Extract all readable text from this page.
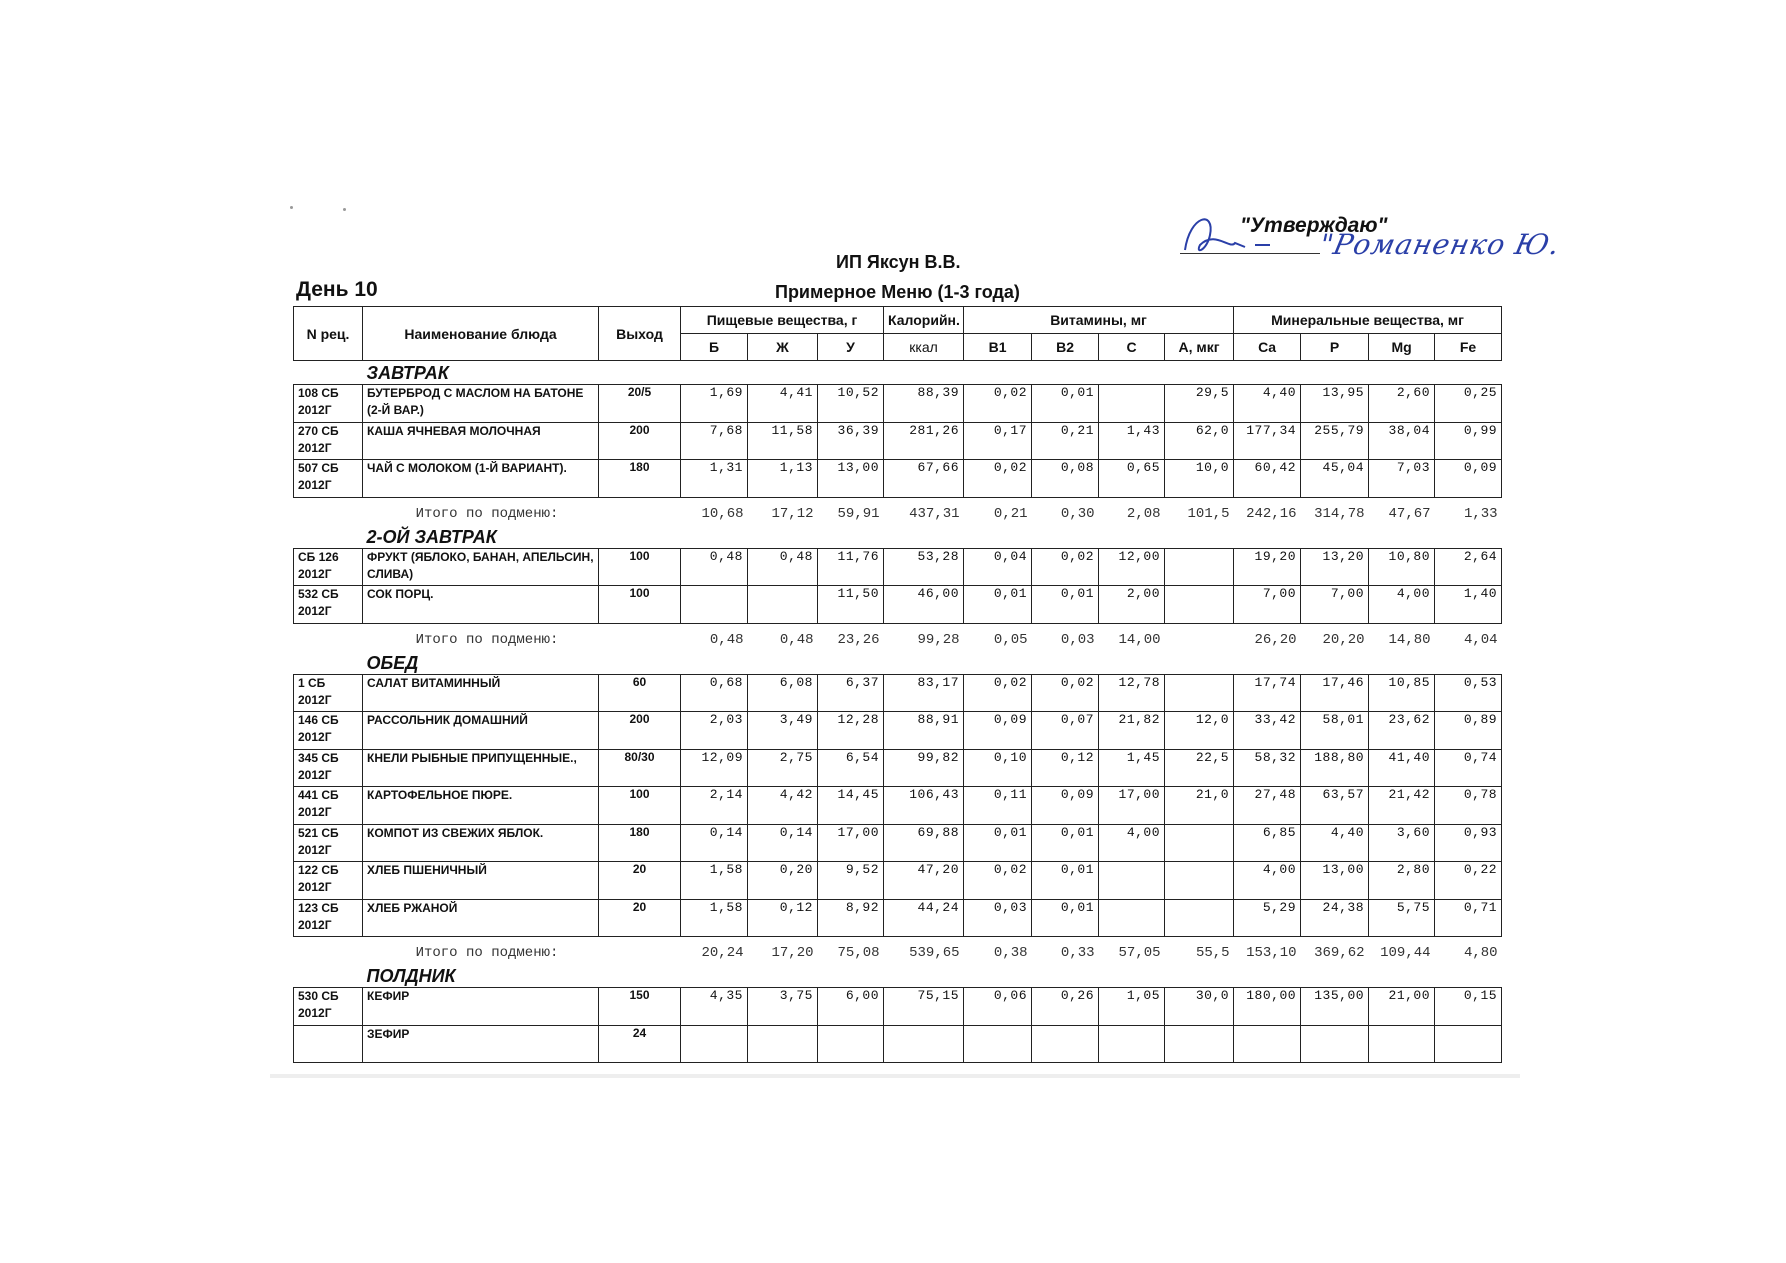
"Утверждаю"
"Романенко Ю.
ИП Яксун В.В.
День 10	Примерное Меню (1-3 года)
N рец.	Наименование блюда	Выход	Пищевые вещества, г			Калорийн.	Витамины, мг				Минеральные вещества, мг			
			Б	Ж	У	ккал	B1	B2	C	A, мкг	Ca	P	Mg	Fe
	ЗАВТРАК													

108 СБ
2012Г	БУТЕРБРОД С МАСЛОМ НА БАТОНЕ (2-Й ВАР.)	20/5	1,69	4,41	10,52	88,39	0,02	0,01		29,5	4,40	13,95	2,60	0,25

270 СБ
2012Г	КАША ЯЧНЕВАЯ МОЛОЧНАЯ	200	7,68	11,58	36,39	281,26	0,17	0,21	1,43	62,0	177,34	255,79	38,04	0,99

507 СБ
2012Г	ЧАЙ С МОЛОКОМ (1-Й ВАРИАНТ).	180	1,31	1,13	13,00	67,66	0,02	0,08	0,65	10,0	60,42	45,04	7,03	0,09
Итого по подменю:			10,68	17,12	59,91	437,31	0,21	0,30	2,08	101,5	242,16	314,78	47,67	1,33
	2-ОЙ ЗАВТРАК													

СБ 126
2012Г	ФРУКТ (ЯБЛОКО, БАНАН, АПЕЛЬСИН, СЛИВА)	100	0,48	0,48	11,76	53,28	0,04	0,02	12,00		19,20	13,20	10,80	2,64

532 СБ
2012Г	СОК ПОРЦ.	100			11,50	46,00	0,01	0,01	2,00		7,00	7,00	4,00	1,40
Итого по подменю:			0,48	0,48	23,26	99,28	0,05	0,03	14,00		26,20	20,20	14,80	4,04
	ОБЕД													

1 СБ
2012Г	САЛАТ ВИТАМИННЫЙ	60	0,68	6,08	6,37	83,17	0,02	0,02	12,78		17,74	17,46	10,85	0,53

146 СБ
2012Г	РАССОЛЬНИК ДОМАШНИЙ	200	2,03	3,49	12,28	88,91	0,09	0,07	21,82	12,0	33,42	58,01	23,62	0,89

345 СБ
2012Г	КНЕЛИ РЫБНЫЕ ПРИПУЩЕННЫЕ.,	80/30	12,09	2,75	6,54	99,82	0,10	0,12	1,45	22,5	58,32	188,80	41,40	0,74

441 СБ
2012Г	КАРТОФЕЛЬНОЕ ПЮРЕ.	100	2,14	4,42	14,45	106,43	0,11	0,09	17,00	21,0	27,48	63,57	21,42	0,78

521 СБ
2012Г	КОМПОТ ИЗ СВЕЖИХ ЯБЛОК.	180	0,14	0,14	17,00	69,88	0,01	0,01	4,00		6,85	4,40	3,60	0,93

122 СБ
2012Г	ХЛЕБ ПШЕНИЧНЫЙ	20	1,58	0,20	9,52	47,20	0,02	0,01			4,00	13,00	2,80	0,22

123 СБ
2012Г	ХЛЕБ РЖАНОЙ	20	1,58	0,12	8,92	44,24	0,03	0,01			5,29	24,38	5,75	0,71
Итого по подменю:			20,24	17,20	75,08	539,65	0,38	0,33	57,05	55,5	153,10	369,62	109,44	4,80
	ПОЛДНИК													

530 СБ
2012Г	КЕФИР	150	4,35	3,75	6,00	75,15	0,06	0,26	1,05	30,0	180,00	135,00	21,00	0,15

	ЗЕФИР	24												
